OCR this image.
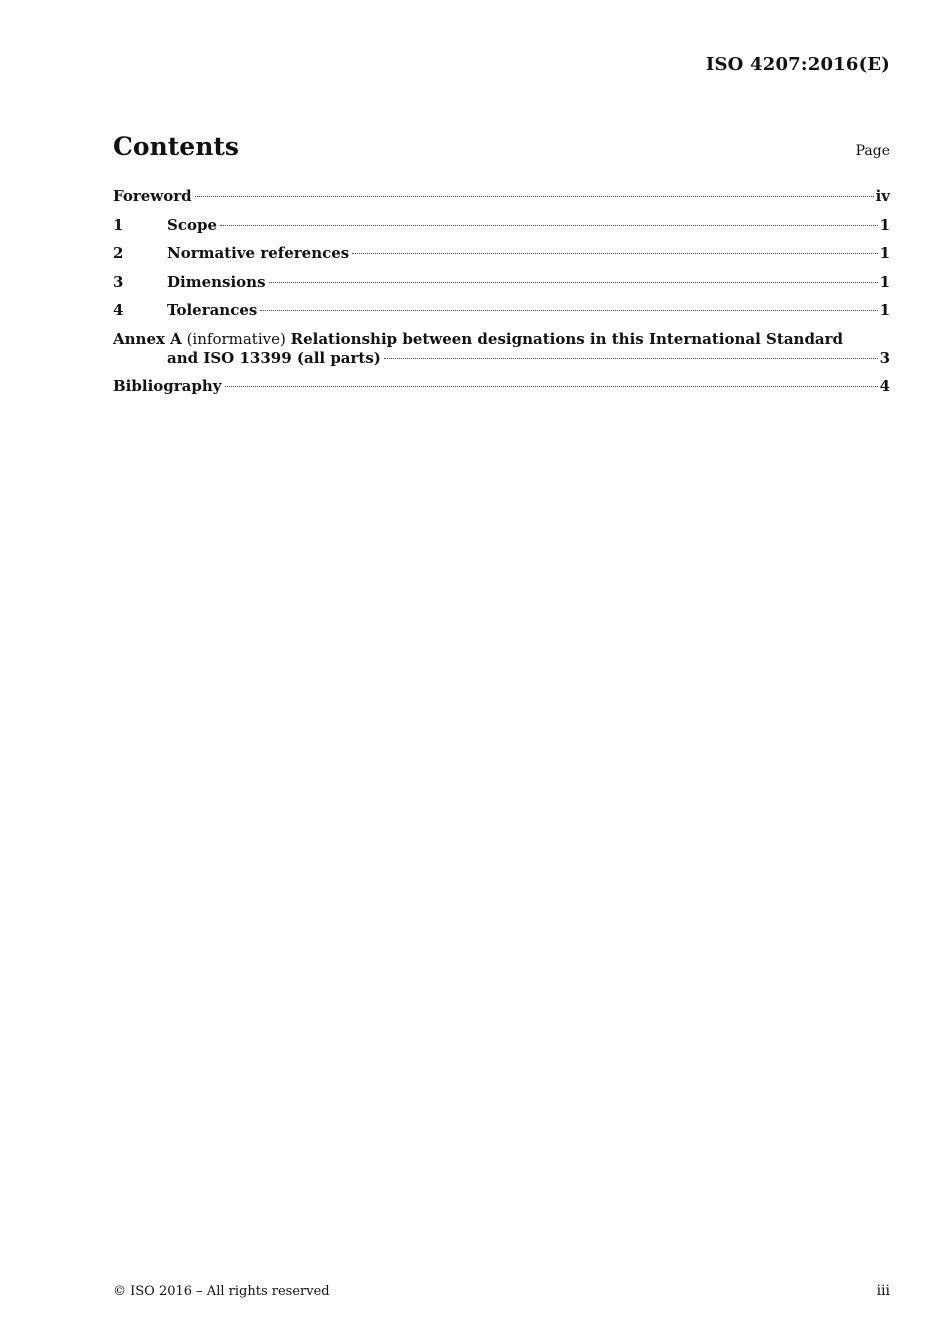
ISO 4207:2016(E)
Contents	Page
Foreword	iv
1	Scope	1
2	Normative references	1
3	Dimensions	1
4	Tolerances	1
Annex A (informative) Relationship between designations in this International Standard
and ISO 13399 (all parts)	3
Bibliography	4
© ISO 2016 – All rights reserved	iii
